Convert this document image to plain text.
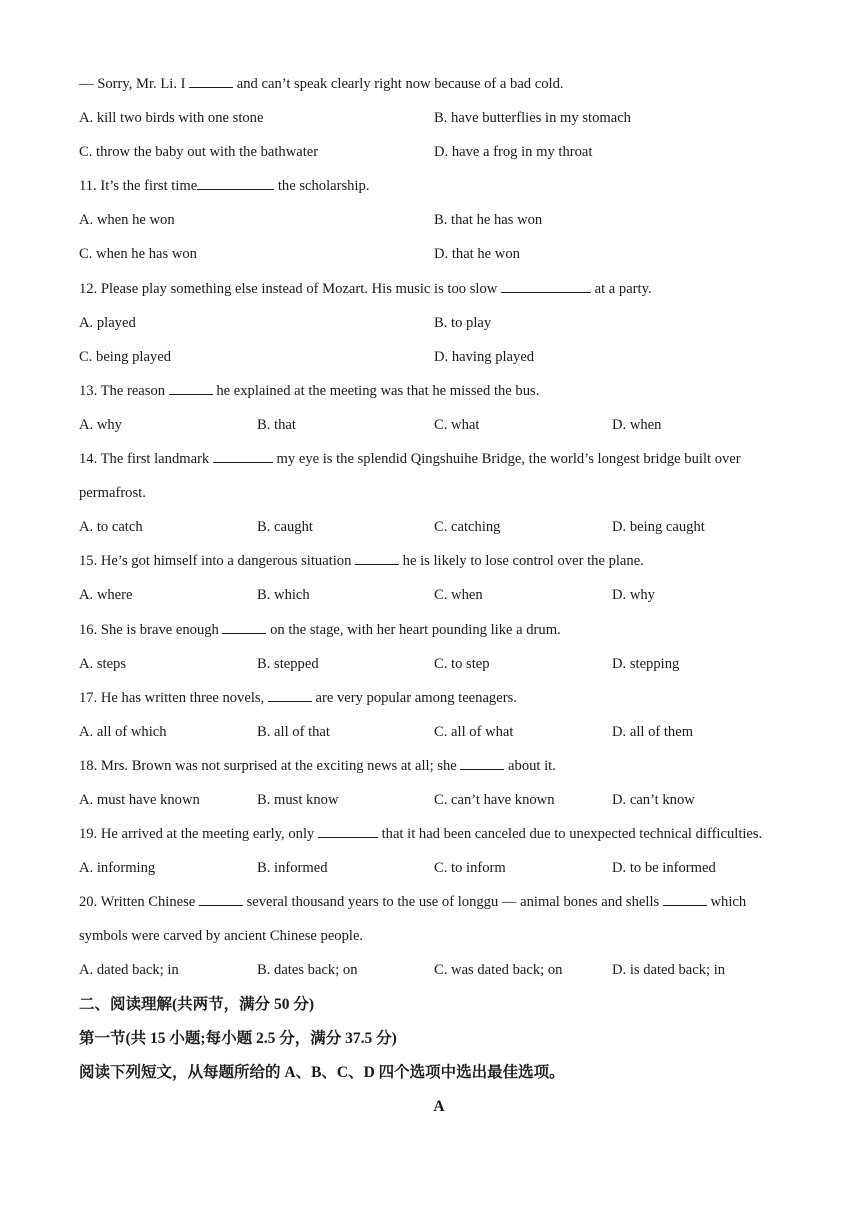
— Sorry, Mr. Li. I	and can’t speak clearly right now because of a bad cold.
A. kill two birds with one stone	B. have butterflies in my stomach
C. throw the baby out with the bathwater	D. have a frog in my throat
11. It’s the first time	the scholarship.
A. when he won	B. that he has won
C. when he has won	D. that he won
12. Please play something else instead of Mozart. His music is too slow	at a party.
A. played	B. to play
C. being played	D. having played
13. The reason	he explained at the meeting was that he missed the bus.
A. why	B. that	C. what	D. when
14. The first landmark	my eye is the splendid Qingshuihe Bridge, the world’s longest bridge built over
permafrost.
A. to catch	B. caught	C. catching	D. being caught
15. He’s got himself into a dangerous situation	he is likely to lose control over the plane.
A. where	B. which	C. when	D. why
16. She is brave enough	on the stage, with her heart pounding like a drum.
A. steps	B. stepped	C. to step	D. stepping
17. He has written three novels,	are very popular among teenagers.
A. all of which	B. all of that	C. all of what	D. all of them
18. Mrs. Brown was not surprised at the exciting news at all; she	about it.
A. must have known	B. must know	C. can’t have known	D. can’t know
19. He arrived at the meeting early, only	that it had been canceled due to unexpected technical difficulties.
A. informing	B. informed	C. to inform	D. to be informed
20. Written Chinese	several thousand years to the use of longgu — animal bones and shells	which
symbols were carved by ancient Chinese people.
A. dated back; in	B. dates back; on	C. was dated back; on	D. is dated back; in
二、阅读理解(共两节，满分 50 分)
第一节(共 15 小题;每小题 2.5 分，满分 37.5 分)
阅读下列短文，从每题所给的 A、B、C、D 四个选项中选出最佳选项。
A
